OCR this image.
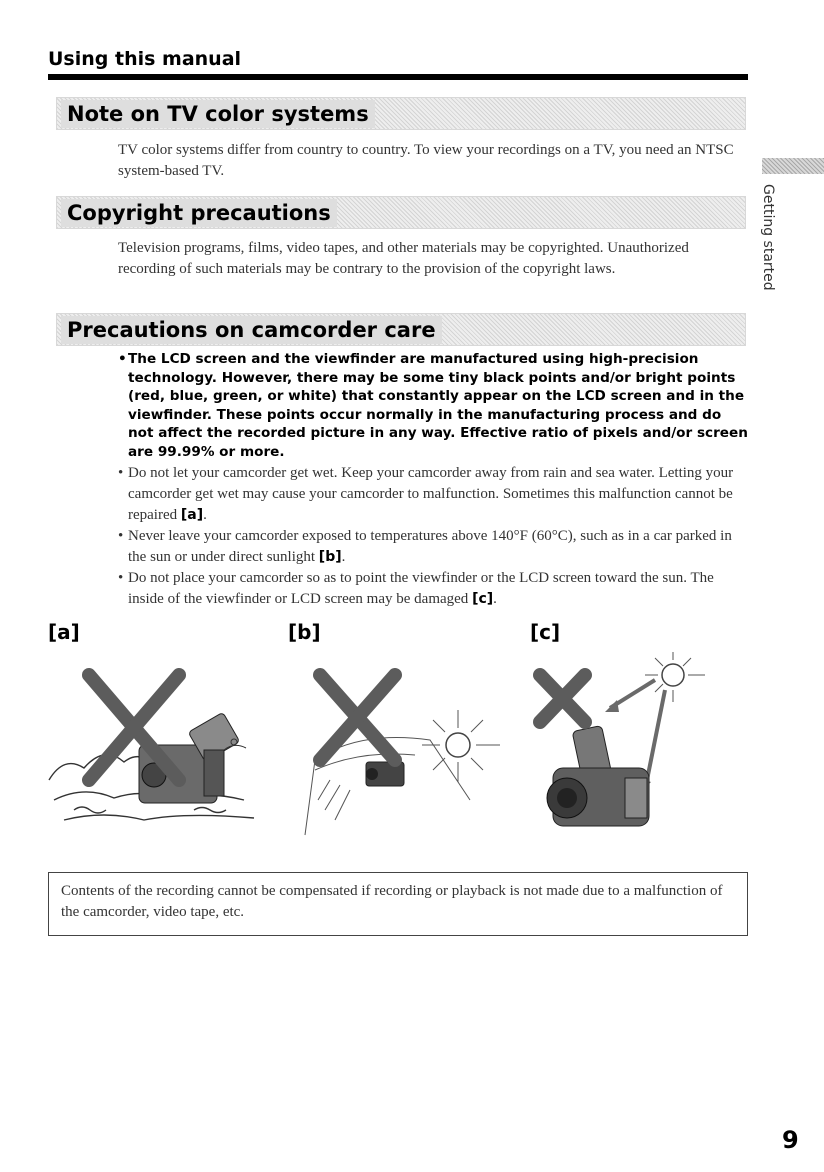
Using this manual
Getting started
Note on TV color systems

TV color systems differ from country to country. To view your recordings on a TV, you need an NTSC system-based TV.

Copyright precautions

Television programs, films, video tapes, and other materials may be copyrighted. Unauthorized recording of such materials may be contrary to the provision of the copyright laws.

Precautions on camcorder care
• The LCD screen and the viewfinder are manufactured using high-precision technology. However, there may be some tiny black points and/or bright points (red, blue, green, or white) that constantly appear on the LCD screen and in the viewfinder. These points occur normally in the manufacturing process and do not affect the recorded picture in any way. Effective ratio of pixels and/or screen are 99.99% or more.
• Do not let your camcorder get wet. Keep your camcorder away from rain and sea water. Letting your camcorder get wet may cause your camcorder to malfunction. Sometimes this malfunction cannot be repaired [a].
• Never leave your camcorder exposed to temperatures above 140°F (60°C), such as in a car parked in the sun or under direct sunlight [b].
• Do not place your camcorder so as to point the viewfinder or the LCD screen toward the sun. The inside of the viewfinder or LCD screen may be damaged [c].
[a]	[b]	[c]

Contents of the recording cannot be compensated if recording or playback is not made due to a malfunction of the camcorder, video tape, etc.

9
